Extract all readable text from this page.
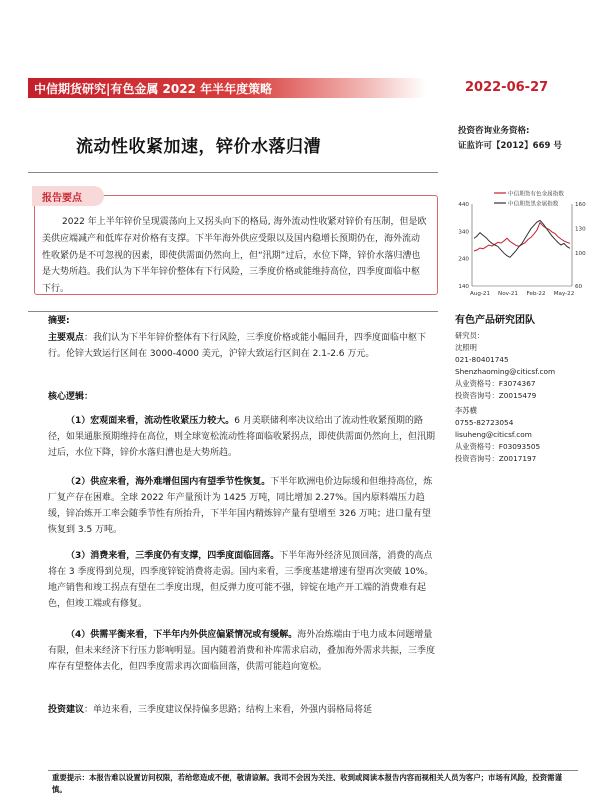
中信期货研究|有色金属 2022 年半年度策略	2022-06-27
流动性收紧加速，锌价水落归漕
投资咨询业务资格:
证监许可【2012】669 号
报告要点
2022 年上半年锌价呈现震荡向上又拐头向下的格局, 海外流动性收紧对锌价有压制，但是欧美供应端减产和低库存对价格有支撑。下半年海外供应受限以及国内稳增长预期仍在，海外流动性收紧仍是不可忽视的因素，即使供需面仍然向上，但“汛期”过后，水位下降，锌价水落归漕也是大势所趋。我们认为下半年锌价整体有下行风险，三季度价格或能维持高位，四季度面临中枢下行。
中信期货有色金属指数
中信期货黑金属指数
140
240
340
440
60
100
130
160
Aug-21 Nov-21 Feb-22 May-22
摘要:
主要观点：我们认为下半年锌价整体有下行风险，三季度价格或能小幅回升，四季度面临中枢下行。伦锌大致运行区间在 3000-4000 美元，沪锌大致运行区间在 2.1-2.6 万元。
核心逻辑：
（1）宏观面来看，流动性收紧压力较大。6 月美联储利率决议给出了流动性收紧预期的路径，如果通胀预期维持在高位，则全球宽松流动性将面临收紧拐点，即使供需面仍然向上，但汛期过后，水位下降，锌价水落归漕也是大势所趋。
（2）供应来看，海外难增但国内有望季节性恢复。下半年欧洲电价边际缓和但维持高位，炼厂复产存在困难。全球 2022 年产量预计为 1425 万吨，同比增加 2.27%。国内原料端压力趋缓，锌冶炼开工率会随季节性有所抬升，下半年国内精炼锌产量有望增至 326 万吨；进口量有望恢复到 3.5 万吨。
（3）消费来看，三季度仍有支撑，四季度面临回落。下半年海外经济见顶回落，消费的高点将在 3 季度得到兑现，四季度锌锭消费将走弱。国内来看，三季度基建增速有望再次突破 10%。地产销售和竣工拐点有望在二季度出现，但反弹力度可能不强，锌锭在地产开工端的消费难有起色，但竣工端或有修复。
（4）供需平衡来看，下半年内外供应偏紧情况或有缓解。海外冶炼端由于电力成本问题增量有限，但未来经济下行压力影响明显。国内随着消费和补库需求启动，叠加海外需求共振，三季度库存有望整体去化，但四季度需求再次面临回落，供需可能趋向宽松。
投资建议：单边来看，三季度建议保持偏多思路；结构上来看，外强内弱格局将延
有色产品研究团队
研究员：
沈照明
021-80401745
Shenzhaoming@citicsf.com
从业资格号：F3074367
投资咨询号：Z0015479
李苏横
0755-82723054
lisuheng@citicsf.com
从业资格号：F03093505
投资咨询号：Z0017197
重要提示：本报告难以设置访问权限，若给您造成不便，敬请谅解。我司不会因为关注、收到或阅读本报告内容而视相关人员为客户；市场有风险，投资需谨慎。
